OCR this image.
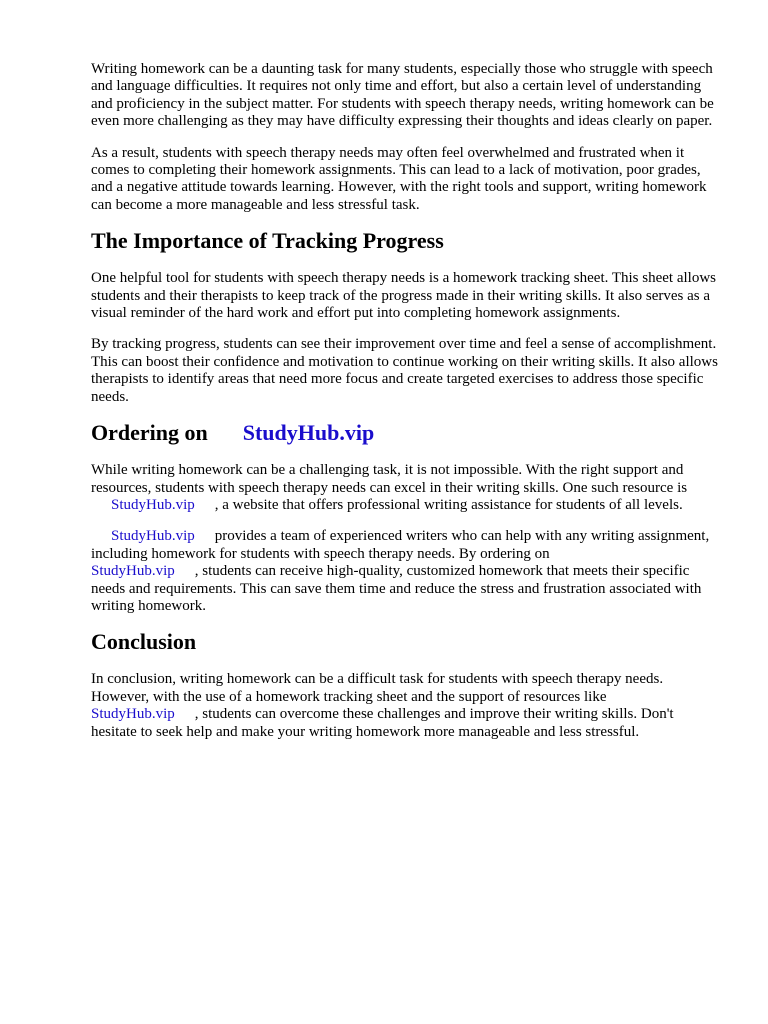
Writing homework can be a daunting task for many students, especially those who struggle with speech and language difficulties. It requires not only time and effort, but also a certain level of understanding and proficiency in the subject matter. For students with speech therapy needs, writing homework can be even more challenging as they may have difficulty expressing their thoughts and ideas clearly on paper.

As a result, students with speech therapy needs may often feel overwhelmed and frustrated when it comes to completing their homework assignments. This can lead to a lack of motivation, poor grades, and a negative attitude towards learning. However, with the right tools and support, writing homework can become a more manageable and less stressful task.

The Importance of Tracking Progress

One helpful tool for students with speech therapy needs is a homework tracking sheet. This sheet allows students and their therapists to keep track of the progress made in their writing skills. It also serves as a visual reminder of the hard work and effort put into completing homework assignments.

By tracking progress, students can see their improvement over time and feel a sense of accomplishment. This can boost their confidence and motivation to continue working on their writing skills. It also allows therapists to identify areas that need more focus and create targeted exercises to address those specific needs.

Ordering on StudyHub.vip

While writing homework can be a challenging task, it is not impossible. With the right support and resources, students with speech therapy needs can excel in their writing skills. One such resource is
StudyHub.vip , a website that offers professional writing assistance for students of all levels.

StudyHub.vip provides a team of experienced writers who can help with any writing assignment, including homework for students with speech therapy needs. By ordering on
StudyHub.vip , students can receive high-quality, customized homework that meets their specific needs and requirements. This can save them time and reduce the stress and frustration associated with writing homework.

Conclusion

In conclusion, writing homework can be a difficult task for students with speech therapy needs. However, with the use of a homework tracking sheet and the support of resources like
StudyHub.vip , students can overcome these challenges and improve their writing skills. Don't hesitate to seek help and make your writing homework more manageable and less stressful.
